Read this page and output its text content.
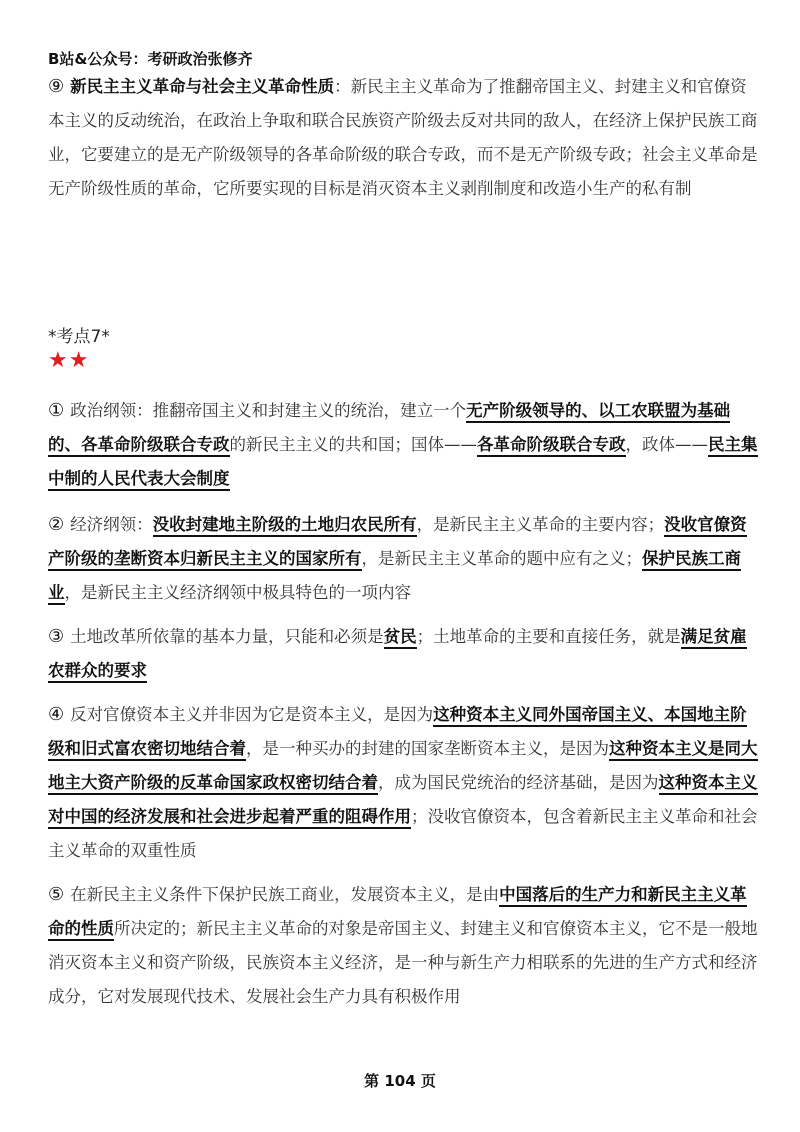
B站&公众号：考研政治张修齐
⑨ 新民主主义革命与社会主义革命性质：新民主主义革命为了推翻帝国主义、封建主义和官僚资本主义的反动统治，在政治上争取和联合民族资产阶级去反对共同的敌人，在经济上保护民族工商业，它要建立的是无产阶级领导的各革命阶级的联合专政，而不是无产阶级专政；社会主义革命是无产阶级性质的革命，它所要实现的目标是消灭资本主义剥削制度和改造小生产的私有制
*考点7*
★★
① 政治纲领：推翻帝国主义和封建主义的统治，建立一个无产阶级领导的、以工农联盟为基础的、各革命阶级联合专政的新民主主义的共和国；国体——各革命阶级联合专政，政体——民主集中制的人民代表大会制度
② 经济纲领：没收封建地主阶级的土地归农民所有，是新民主主义革命的主要内容；没收官僚资产阶级的垄断资本归新民主主义的国家所有，是新民主主义革命的题中应有之义；保护民族工商业，是新民主主义经济纲领中极具特色的一项内容
③ 土地改革所依靠的基本力量，只能和必须是贫民；土地革命的主要和直接任务，就是满足贫雇农群众的要求
④ 反对官僚资本主义并非因为它是资本主义，是因为这种资本主义同外国帝国主义、本国地主阶级和旧式富农密切地结合着，是一种买办的封建的国家垄断资本主义，是因为这种资本主义是同大地主大资产阶级的反革命国家政权密切结合着，成为国民党统治的经济基础，是因为这种资本主义对中国的经济发展和社会进步起着严重的阻碍作用；没收官僚资本，包含着新民主主义革命和社会主义革命的双重性质
⑤ 在新民主主义条件下保护民族工商业，发展资本主义，是由中国落后的生产力和新民主主义革命的性质所决定的；新民主主义革命的对象是帝国主义、封建主义和官僚资本主义，它不是一般地消灭资本主义和资产阶级，民族资本主义经济，是一种与新生产力相联系的先进的生产方式和经济成分，它对发展现代技术、发展社会生产力具有积极作用
第 104 页
